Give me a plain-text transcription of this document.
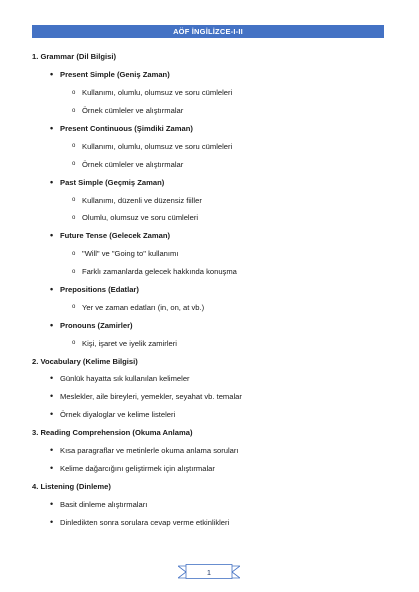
AÖF İNGİLİZCE-I-II
1. Grammar (Dil Bilgisi)
• Present Simple (Geniş Zaman)
o Kullanımı, olumlu, olumsuz ve soru cümleleri
o Örnek cümleler ve alıştırmalar
• Present Continuous (Şimdiki Zaman)
o Kullanımı, olumlu, olumsuz ve soru cümleleri
o Örnek cümleler ve alıştırmalar
• Past Simple (Geçmiş Zaman)
o Kullanımı, düzenli ve düzensiz fiiller
o Olumlu, olumsuz ve soru cümleleri
• Future Tense (Gelecek Zaman)
o "Will" ve "Going to" kullanımı
o Farklı zamanlarda gelecek hakkında konuşma
• Prepositions (Edatlar)
o Yer ve zaman edatları (in, on, at vb.)
• Pronouns (Zamirler)
o Kişi, işaret ve iyelik zamirleri
2. Vocabulary (Kelime Bilgisi)
• Günlük hayatta sık kullanılan kelimeler
• Meslekler, aile bireyleri, yemekler, seyahat vb. temalar
• Örnek diyaloglar ve kelime listeleri
3. Reading Comprehension (Okuma Anlama)
• Kısa paragraflar ve metinlerle okuma anlama soruları
• Kelime dağarcığını geliştirmek için alıştırmalar
4. Listening (Dinleme)
• Basit dinleme alıştırmaları
• Dinledikten sonra sorulara cevap verme etkinlikleri
1
